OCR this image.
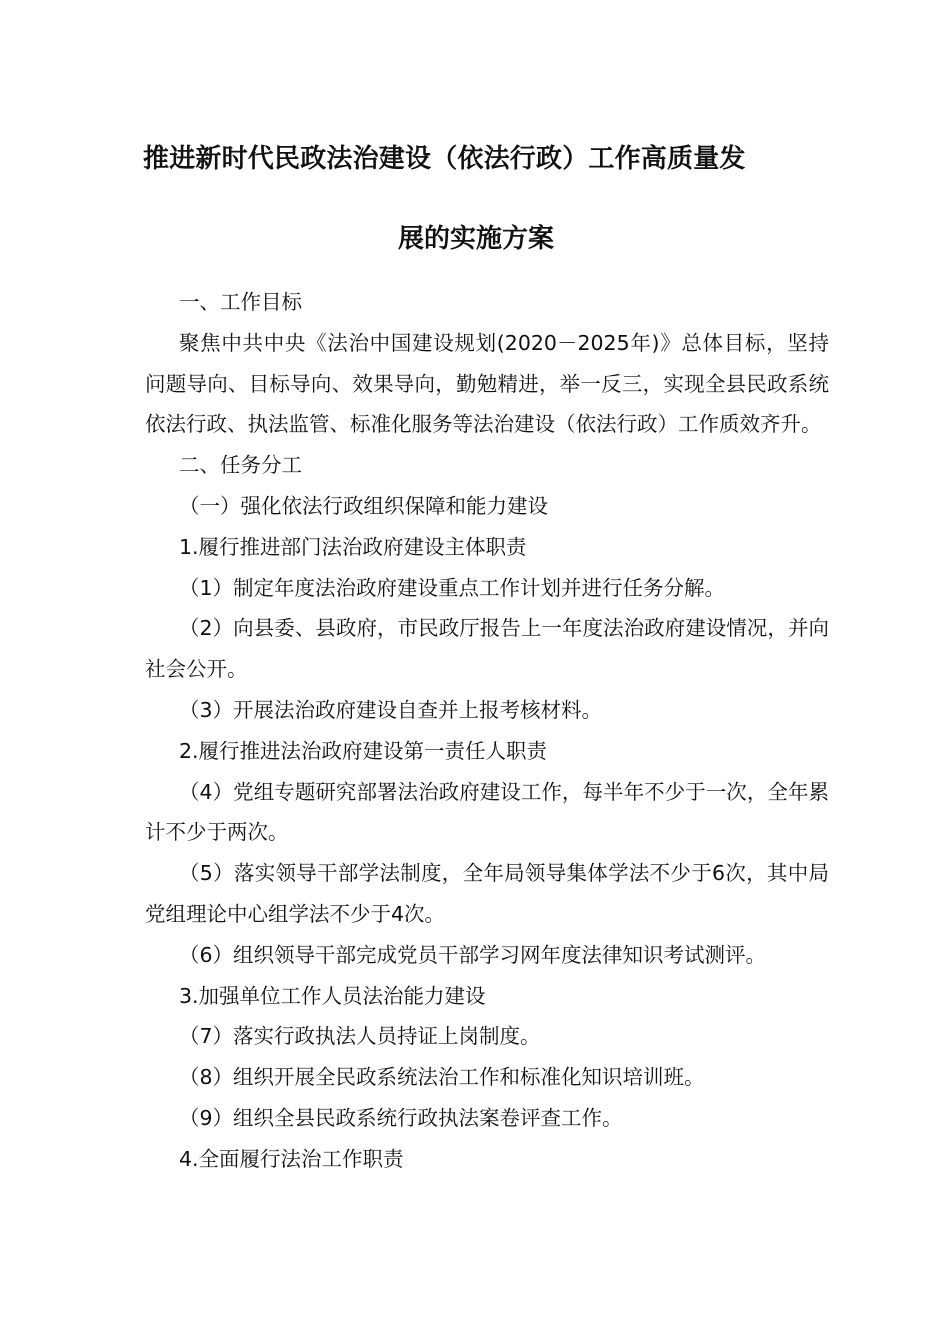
推进新时代民政法治建设（依法行政）工作高质量发
展的实施方案

一、工作目标

聚焦中共中央《法治中国建设规划(2020－2025年)》总体目标，坚持问题导向、目标导向、效果导向，勤勉精进，举一反三，实现全县民政系统依法行政、执法监管、标准化服务等法治建设（依法行政）工作质效齐升。

二、任务分工

（一）强化依法行政组织保障和能力建设

1.履行推进部门法治政府建设主体职责

（1）制定年度法治政府建设重点工作计划并进行任务分解。

（2）向县委、县政府，市民政厅报告上一年度法治政府建设情况，并向社会公开。

（3）开展法治政府建设自查并上报考核材料。

2.履行推进法治政府建设第一责任人职责

（4）党组专题研究部署法治政府建设工作，每半年不少于一次，全年累计不少于两次。

（5）落实领导干部学法制度，全年局领导集体学法不少于6次，其中局党组理论中心组学法不少于4次。

（6）组织领导干部完成党员干部学习网年度法律知识考试测评。

3.加强单位工作人员法治能力建设

（7）落实行政执法人员持证上岗制度。

（8）组织开展全民政系统法治工作和标准化知识培训班。

（9）组织全县民政系统行政执法案卷评查工作。

4.全面履行法治工作职责
